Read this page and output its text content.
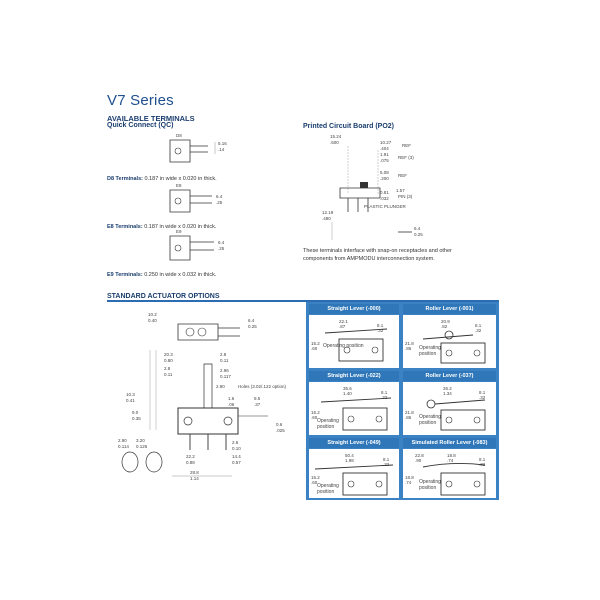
V7 Series
AVAILABLE TERMINALS
Quick Connect (QC)	Printed Circuit Board (PO2)
D8
5.16
.14
E8
6.4
.25
E9
6.4
.25
D8 Terminals: 0.187 in wide x 0.020 in thick.
E8 Terminals: 0.187 in wide x 0.020 in thick.
E9 Terminals: 0.250 in wide x 0.032 in thick.
15.24
.600	10.27
.404
REF
1.91
.075
REF (3)
5.08
.200
REF
0.81
.032
1.57
PIN (3)
PLASTIC PLUNGER
12.19
.480
6.4
0.25
These terminals interface with snap-on receptacles and other components from AMPMODU interconnection system.
STANDARD ACTUATOR OPTIONS
10.2
0.40	6.4
0.25
20.3
0.80
2.8
0.11
2.8
0.11
2.96
0.117
2.90	Holes (3.02/.122 option)
1.6
.06
9.5
.37
10.3
0.41
9.0
0.35
0.6
.025
2.90
0.114
3.20
0.126
22.2
0.88
2.6
0.10
14.4
0.57
28.8
1.14
Straight Lever (-000)	Roller Lever (-001)
Straight Lever (-022)	Roller Lever (-037)
Straight Lever (-049)	Simulated Roller Lever (-083)
22.1
.87	8.1
.32
15.2
.60 Operating position
20.9
.82	8.1
.32
21.8
.86 Operating
position
35.6
1.40	8.1
.32
15.2
.60
Operating
position
26.2
1.34	8.1
.32
21.8
.86 Operating
position
50.4
1.98	8.1
.32
15.2
.60
Operating
position
22.8
.90
18.8
.74	8.1
.32
18.8
.74 Operating
position
